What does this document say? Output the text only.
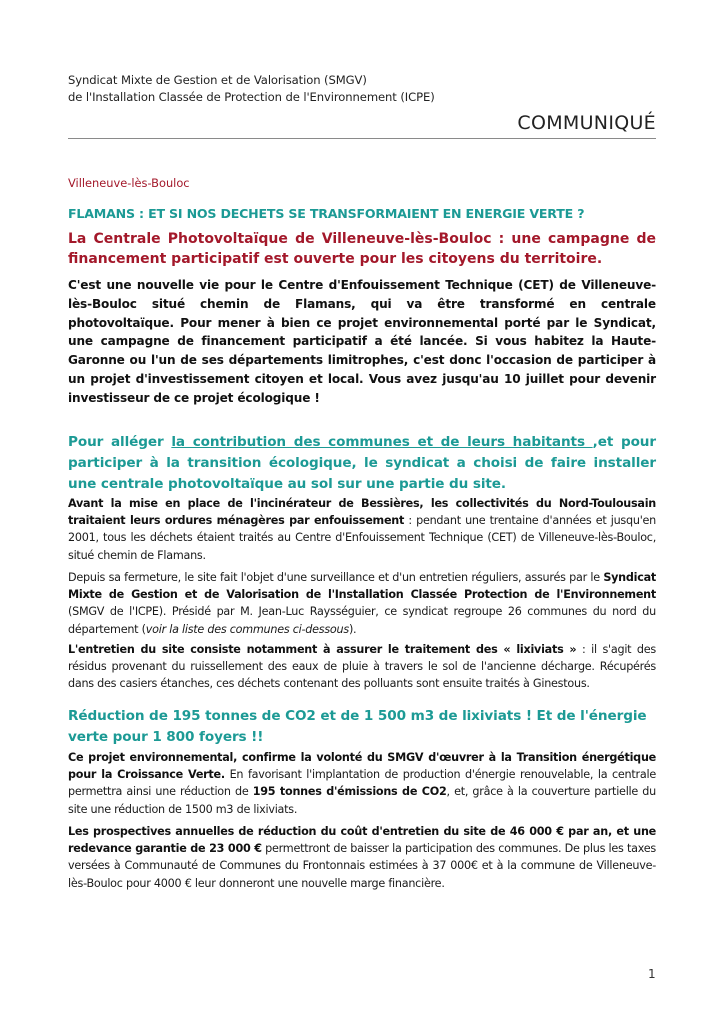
Syndicat Mixte de Gestion et de Valorisation (SMGV)
de l'Installation Classée de Protection de l'Environnement (ICPE)
COMMUNIQUÉ
Villeneuve-lès-Bouloc
FLAMANS : ET SI NOS DECHETS SE TRANSFORMAIENT EN ENERGIE VERTE ?
La Centrale Photovoltaïque de Villeneuve-lès-Bouloc : une campagne de financement participatif est ouverte pour les citoyens du territoire.
C'est une nouvelle vie pour le Centre d'Enfouissement Technique (CET) de Villeneuve-lès-Bouloc situé chemin de Flamans, qui va être transformé en centrale photovoltaïque. Pour mener à bien ce projet environnemental porté par le Syndicat, une campagne de financement participatif a été lancée. Si vous habitez la Haute-Garonne ou l'un de ses départements limitrophes, c'est donc l'occasion de participer à un projet d'investissement citoyen et local. Vous avez jusqu'au 10 juillet pour devenir investisseur de ce projet écologique !
Pour alléger la contribution des communes et de leurs habitants ,et pour participer à la transition écologique, le syndicat a choisi de faire installer une centrale photovoltaïque au sol sur une partie du site.
Avant la mise en place de l'incinérateur de Bessières, les collectivités du Nord-Toulousain traitaient leurs ordures ménagères par enfouissement : pendant une trentaine d'années et jusqu'en 2001, tous les déchets étaient traités au Centre d'Enfouissement Technique (CET) de Villeneuve-lès-Bouloc, situé chemin de Flamans.
Depuis sa fermeture, le site fait l'objet d'une surveillance et d'un entretien réguliers, assurés par le Syndicat Mixte de Gestion et de Valorisation de l'Installation Classée Protection de l'Environnement (SMGV de l'ICPE). Présidé par M. Jean-Luc Raysséguier, ce syndicat regroupe 26 communes du nord du département (voir la liste des communes ci-dessous).
L'entretien du site consiste notamment à assurer le traitement des « lixiviats » : il s'agit des résidus provenant du ruissellement des eaux de pluie à travers le sol de l'ancienne décharge. Récupérés dans des casiers étanches, ces déchets contenant des polluants sont ensuite traités à Ginestous.
Réduction de 195 tonnes de CO2 et de 1 500 m3 de lixiviats ! Et de l'énergie verte pour 1 800 foyers !!
Ce projet environnemental, confirme la volonté du SMGV d'œuvrer à la Transition énergétique pour la Croissance Verte. En favorisant l'implantation de production d'énergie renouvelable, la centrale permettra ainsi une réduction de 195 tonnes d'émissions de CO2, et, grâce à la couverture partielle du site une réduction de 1500 m3 de lixiviats.
Les prospectives annuelles de réduction du coût d'entretien du site de 46 000 € par an, et une redevance garantie de 23 000 € permettront de baisser la participation des communes. De plus les taxes versées à Communauté de Communes du Frontonnais estimées à 37 000€ et à la commune de Villeneuve-lès-Bouloc pour 4000 € leur donneront une nouvelle marge financière.
1
